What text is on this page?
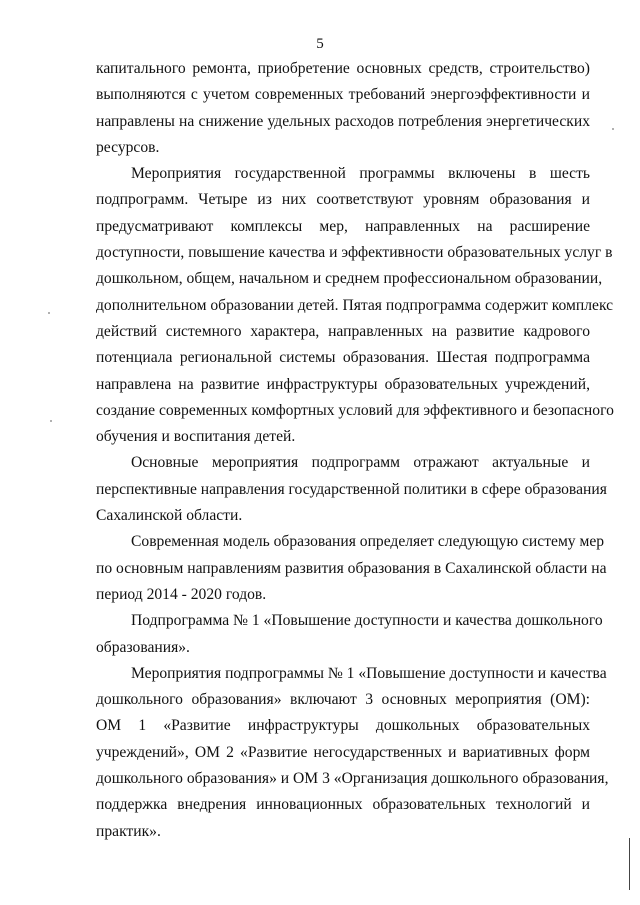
5
капитального ремонта, приобретение основных средств, строительство)
выполняются с учетом современных требований энергоэффективности и
направлены на снижение удельных расходов потребления энергетических
ресурсов.
Мероприятия государственной программы включены в шесть
подпрограмм. Четыре из них соответствуют уровням образования и
предусматривают комплексы мер, направленных на расширение
доступности, повышение качества и эффективности образовательных услуг в
дошкольном, общем, начальном и среднем профессиональном образовании,
дополнительном образовании детей. Пятая подпрограмма содержит комплекс
действий системного характера, направленных на развитие кадрового
потенциала региональной системы образования. Шестая подпрограмма
направлена на развитие инфраструктуры образовательных учреждений,
создание современных комфортных условий для эффективного и безопасного
обучения и воспитания детей.
Основные мероприятия подпрограмм отражают актуальные и
перспективные направления государственной политики в сфере образования
Сахалинской области.
Современная модель образования определяет следующую систему мер
по основным направлениям развития образования в Сахалинской области на
период 2014 - 2020 годов.
Подпрограмма № 1 «Повышение доступности и качества дошкольного
образования».
Мероприятия подпрограммы № 1 «Повышение доступности и качества
дошкольного образования» включают 3 основных мероприятия (ОМ):
ОМ 1 «Развитие инфраструктуры дошкольных образовательных
учреждений», ОМ 2 «Развитие негосударственных и вариативных форм
дошкольного образования» и ОМ 3 «Организация дошкольного образования,
поддержка внедрения инновационных образовательных технологий и
практик».
